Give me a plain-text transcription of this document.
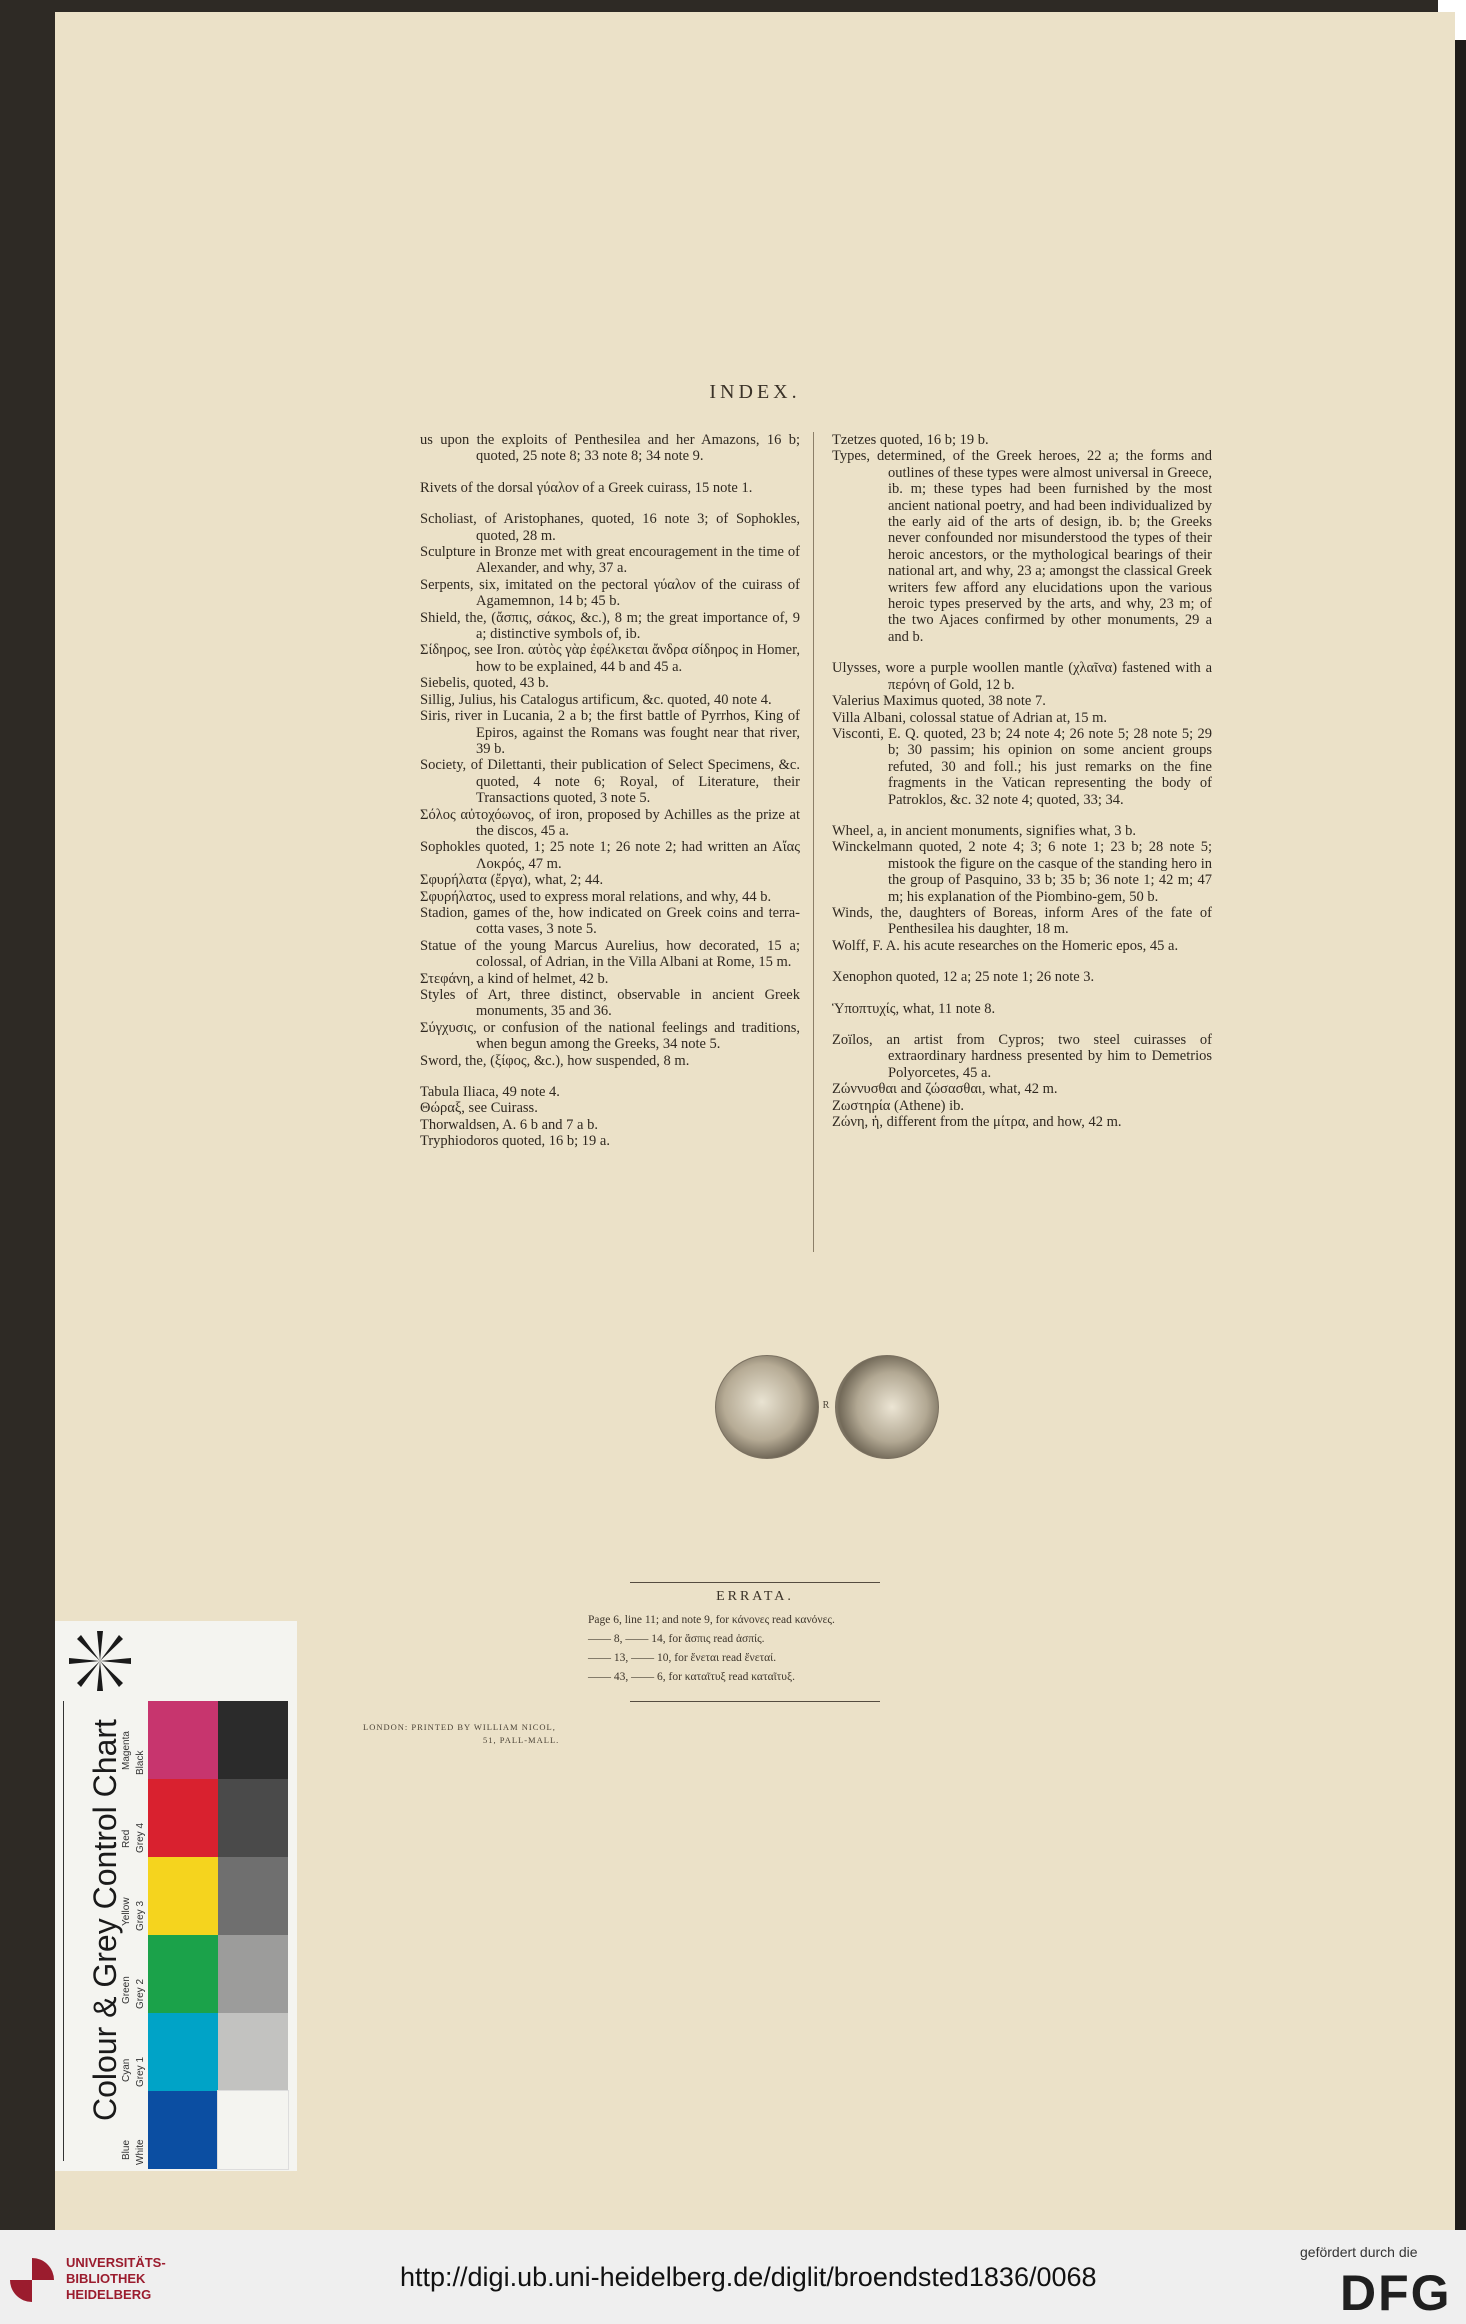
INDEX.

us upon the exploits of Penthesilea and her Amazons, 16 b; quoted, 25 note 8; 33 note 8; 34 note 9.

Rivets of the dorsal γύαλον of a Greek cuirass, 15 note 1.

Scholiast, of Aristophanes, quoted, 16 note 3; of Sophokles, quoted, 28 m.

Sculpture in Bronze met with great encouragement in the time of Alexander, and why, 37 a.

Serpents, six, imitated on the pectoral γύαλον of the cuirass of Agamemnon, 14 b; 45 b.

Shield, the, (ἄσπις, σάκος, &c.), 8 m; the great importance of, 9 a; distinctive symbols of, ib.

Σίδηρος, see Iron. αὐτὸς γὰρ ἐφέλκεται ἄνδρα σίδηρος in Homer, how to be explained, 44 b and 45 a.

Siebelis, quoted, 43 b.

Sillig, Julius, his Catalogus artificum, &c. quoted, 40 note 4.

Siris, river in Lucania, 2 a b; the first battle of Pyrrhos, King of Epiros, against the Romans was fought near that river, 39 b.

Society, of Dilettanti, their publication of Select Specimens, &c. quoted, 4 note 6; Royal, of Literature, their Transactions quoted, 3 note 5.

Σόλος αὐτοχόωνος, of iron, proposed by Achilles as the prize at the discos, 45 a.

Sophokles quoted, 1; 25 note 1; 26 note 2; had written an Αἴας Λοκρός, 47 m.

Σφυρήλατα (ἔργα), what, 2; 44.

Σφυρήλατος, used to express moral relations, and why, 44 b.

Stadion, games of the, how indicated on Greek coins and terra-cotta vases, 3 note 5.

Statue of the young Marcus Aurelius, how decorated, 15 a; colossal, of Adrian, in the Villa Albani at Rome, 15 m.

Στεφάνη, a kind of helmet, 42 b.

Styles of Art, three distinct, observable in ancient Greek monuments, 35 and 36.

Σύγχυσις, or confusion of the national feelings and traditions, when begun among the Greeks, 34 note 5.

Sword, the, (ξίφος, &c.), how suspended, 8 m.

Tabula Iliaca, 49 note 4.

Θώραξ, see Cuirass.

Thorwaldsen, A. 6 b and 7 a b.

Tryphiodoros quoted, 16 b; 19 a.

Tzetzes quoted, 16 b; 19 b.

Types, determined, of the Greek heroes, 22 a; the forms and outlines of these types were almost universal in Greece, ib. m; these types had been furnished by the most ancient national poetry, and had been individualized by the early aid of the arts of design, ib. b; the Greeks never confounded nor misunderstood the types of their heroic ancestors, or the mythological bearings of their national art, and why, 23 a; amongst the classical Greek writers few afford any elucidations upon the various heroic types preserved by the arts, and why, 23 m; of the two Ajaces confirmed by other monuments, 29 a and b.

Ulysses, wore a purple woollen mantle (χλαῖνα) fastened with a περόνη of Gold, 12 b.

Valerius Maximus quoted, 38 note 7.

Villa Albani, colossal statue of Adrian at, 15 m.

Visconti, E. Q. quoted, 23 b; 24 note 4; 26 note 5; 28 note 5; 29 b; 30 passim; his opinion on some ancient groups refuted, 30 and foll.; his just remarks on the fine fragments in the Vatican representing the body of Patroklos, &c. 32 note 4; quoted, 33; 34.

Wheel, a, in ancient monuments, signifies what, 3 b.

Winckelmann quoted, 2 note 4; 3; 6 note 1; 23 b; 28 note 5; mistook the figure on the casque of the standing hero in the group of Pasquino, 33 b; 35 b; 36 note 1; 42 m; 47 m; his explanation of the Piombino-gem, 50 b.

Winds, the, daughters of Boreas, inform Ares of the fate of Penthesilea his daughter, 18 m.

Wolff, F. A. his acute researches on the Homeric epos, 45 a.

Xenophon quoted, 12 a; 25 note 1; 26 note 3.

Ὑποπτυχίς, what, 11 note 8.

Zoïlos, an artist from Cypros; two steel cuirasses of extraordinary hardness presented by him to Demetrios Polyorcetes, 45 a.

Ζώννυσθαι and ζώσασθαι, what, 42 m.

Ζωστηρία (Athene) ib.

Ζώνη, ἡ, different from the μίτρα, and how, 42 m.

R
ERRATA.
Page 6, line 11; and note 9, for κάνονες read κανόνες.
—— 8, —— 14, for ἄσπις read ἀσπίς.
—— 13, —— 10, for ἔνεται read ἔνεταί.
—— 43, —— 6, for καταῖτυξ read καταῖτυξ.
LONDON: PRINTED BY WILLIAM NICOL,
51, PALL-MALL.
Colour & Grey Control Chart
Blue White
Cyan Grey 1
Green Grey 2
Yellow Grey 3
Red Grey 4
Magenta Black
UNIVERSITÄTS-
BIBLIOTHEK
HEIDELBERG
http://digi.ub.uni-heidelberg.de/diglit/broendsted1836/0068
gefördert durch die
DFG
